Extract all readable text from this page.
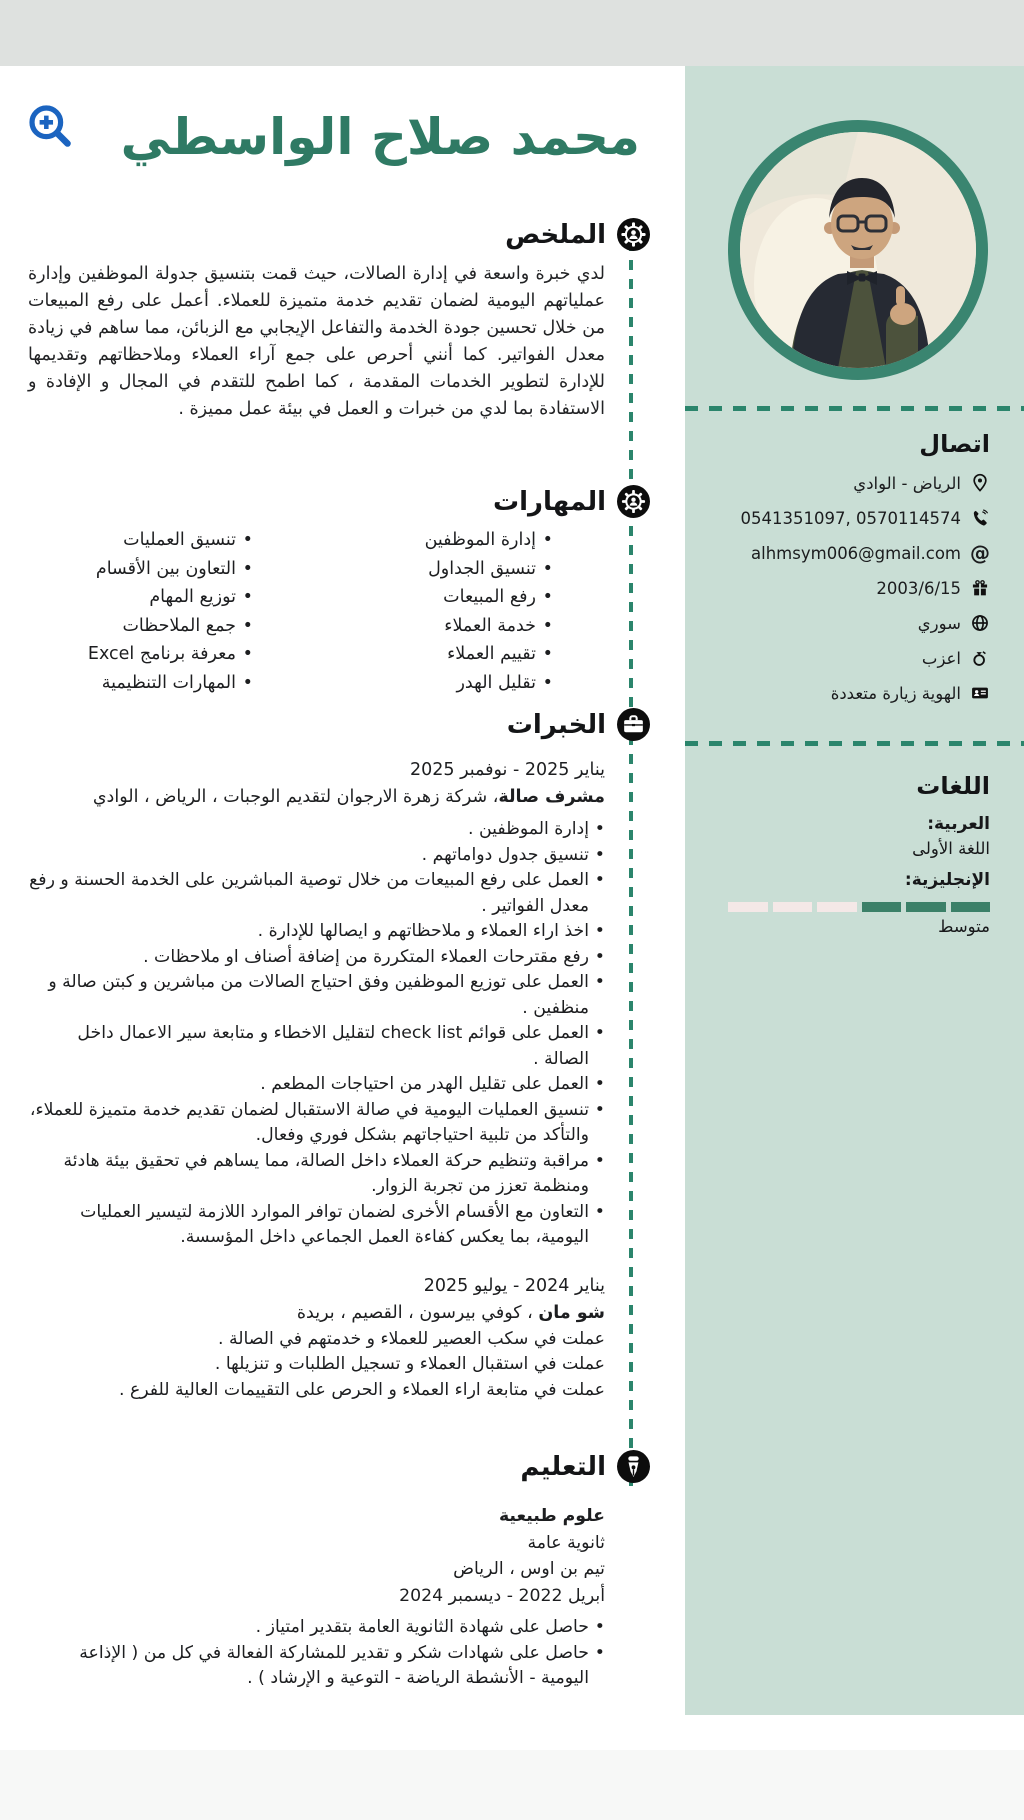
محمد صلاح الواسطي
الملخص

لدي خبرة واسعة في إدارة الصالات، حيث قمت بتنسيق جدولة الموظفين وإدارة عملياتهم اليومية لضمان تقديم خدمة متميزة للعملاء. أعمل على رفع المبيعات من خلال تحسين جودة الخدمة والتفاعل الإيجابي مع الزبائن، مما ساهم في زيادة معدل الفواتير. كما أنني أحرص على جمع آراء العملاء وملاحظاتهم وتقديمها للإدارة لتطوير الخدمات المقدمة ، كما اطمح للتقدم في المجال و الإفادة و الاستفادة بما لدي من خبرات و العمل في بيئة عمل مميزة .

المهارات
• إدارة الموظفين
• تنسيق الجداول
• رفع المبيعات
• خدمة العملاء
• تقييم العملاء
• تقليل الهدر
• تنسيق العمليات
• التعاون بين الأقسام
• توزيع المهام
• جمع الملاحظات
• معرفة برنامج Excel
• المهارات التنظيمية
الخبرات
يناير 2025 - نوفمبر 2025
مشرف صالة، شركة زهرة الارجوان لتقديم الوجبات ، الرياض ، الوادي
• إدارة الموظفين .
• تنسيق جدول دواماتهم .
• العمل على رفع المبيعات من خلال توصية المباشرين على الخدمة الحسنة و رفع معدل الفواتير .
• اخذ اراء العملاء و ملاحظاتهم و ايصالها للإدارة .
• رفع مقترحات العملاء المتكررة من إضافة أصناف او ملاحظات .
• العمل على توزيع الموظفين وفق احتياج الصالات من مباشرين و كبتن صالة و منظفين .
• العمل على قوائم check list لتقليل الاخطاء و متابعة سير الاعمال داخل الصالة .
• العمل على تقليل الهدر من احتياجات المطعم .
• تنسيق العمليات اليومية في صالة الاستقبال لضمان تقديم خدمة متميزة للعملاء، والتأكد من تلبية احتياجاتهم بشكل فوري وفعال.
• مراقبة وتنظيم حركة العملاء داخل الصالة، مما يساهم في تحقيق بيئة هادئة ومنظمة تعزز من تجربة الزوار.
• التعاون مع الأقسام الأخرى لضمان توافر الموارد اللازمة لتيسير العمليات اليومية، بما يعكس كفاءة العمل الجماعي داخل المؤسسة.
يناير 2024 - يوليو 2025
شو مان ، كوفي بيرسون ، القصيم ، بريدة
عملت في سكب العصير للعملاء و خدمتهم في الصالة .
عملت في استقبال العملاء و تسجيل الطلبات و تنزيلها .
عملت في متابعة اراء العملاء و الحرص على التقييمات العالية للفرع .
التعليم
علوم طبيعية
ثانوية عامة
تيم بن اوس ، الرياض
أبريل 2022 - ديسمبر 2024
• حاصل على شهادة الثانوية العامة بتقدير امتياز .
• حاصل على شهادات شكر و تقدير للمشاركة الفعالة في كل من ( الإذاعة اليومية - الأنشطة الرياضة - التوعية و الإرشاد ) .
اتصال
الرياض - الوادي
0541351097, 0570114574
@
alhmsym006@gmail.com
2003/6/15
سوري
اعزب
الهوية زيارة متعددة
اللغات
العربية:
اللغة الأولى
الإنجليزية:
متوسط
